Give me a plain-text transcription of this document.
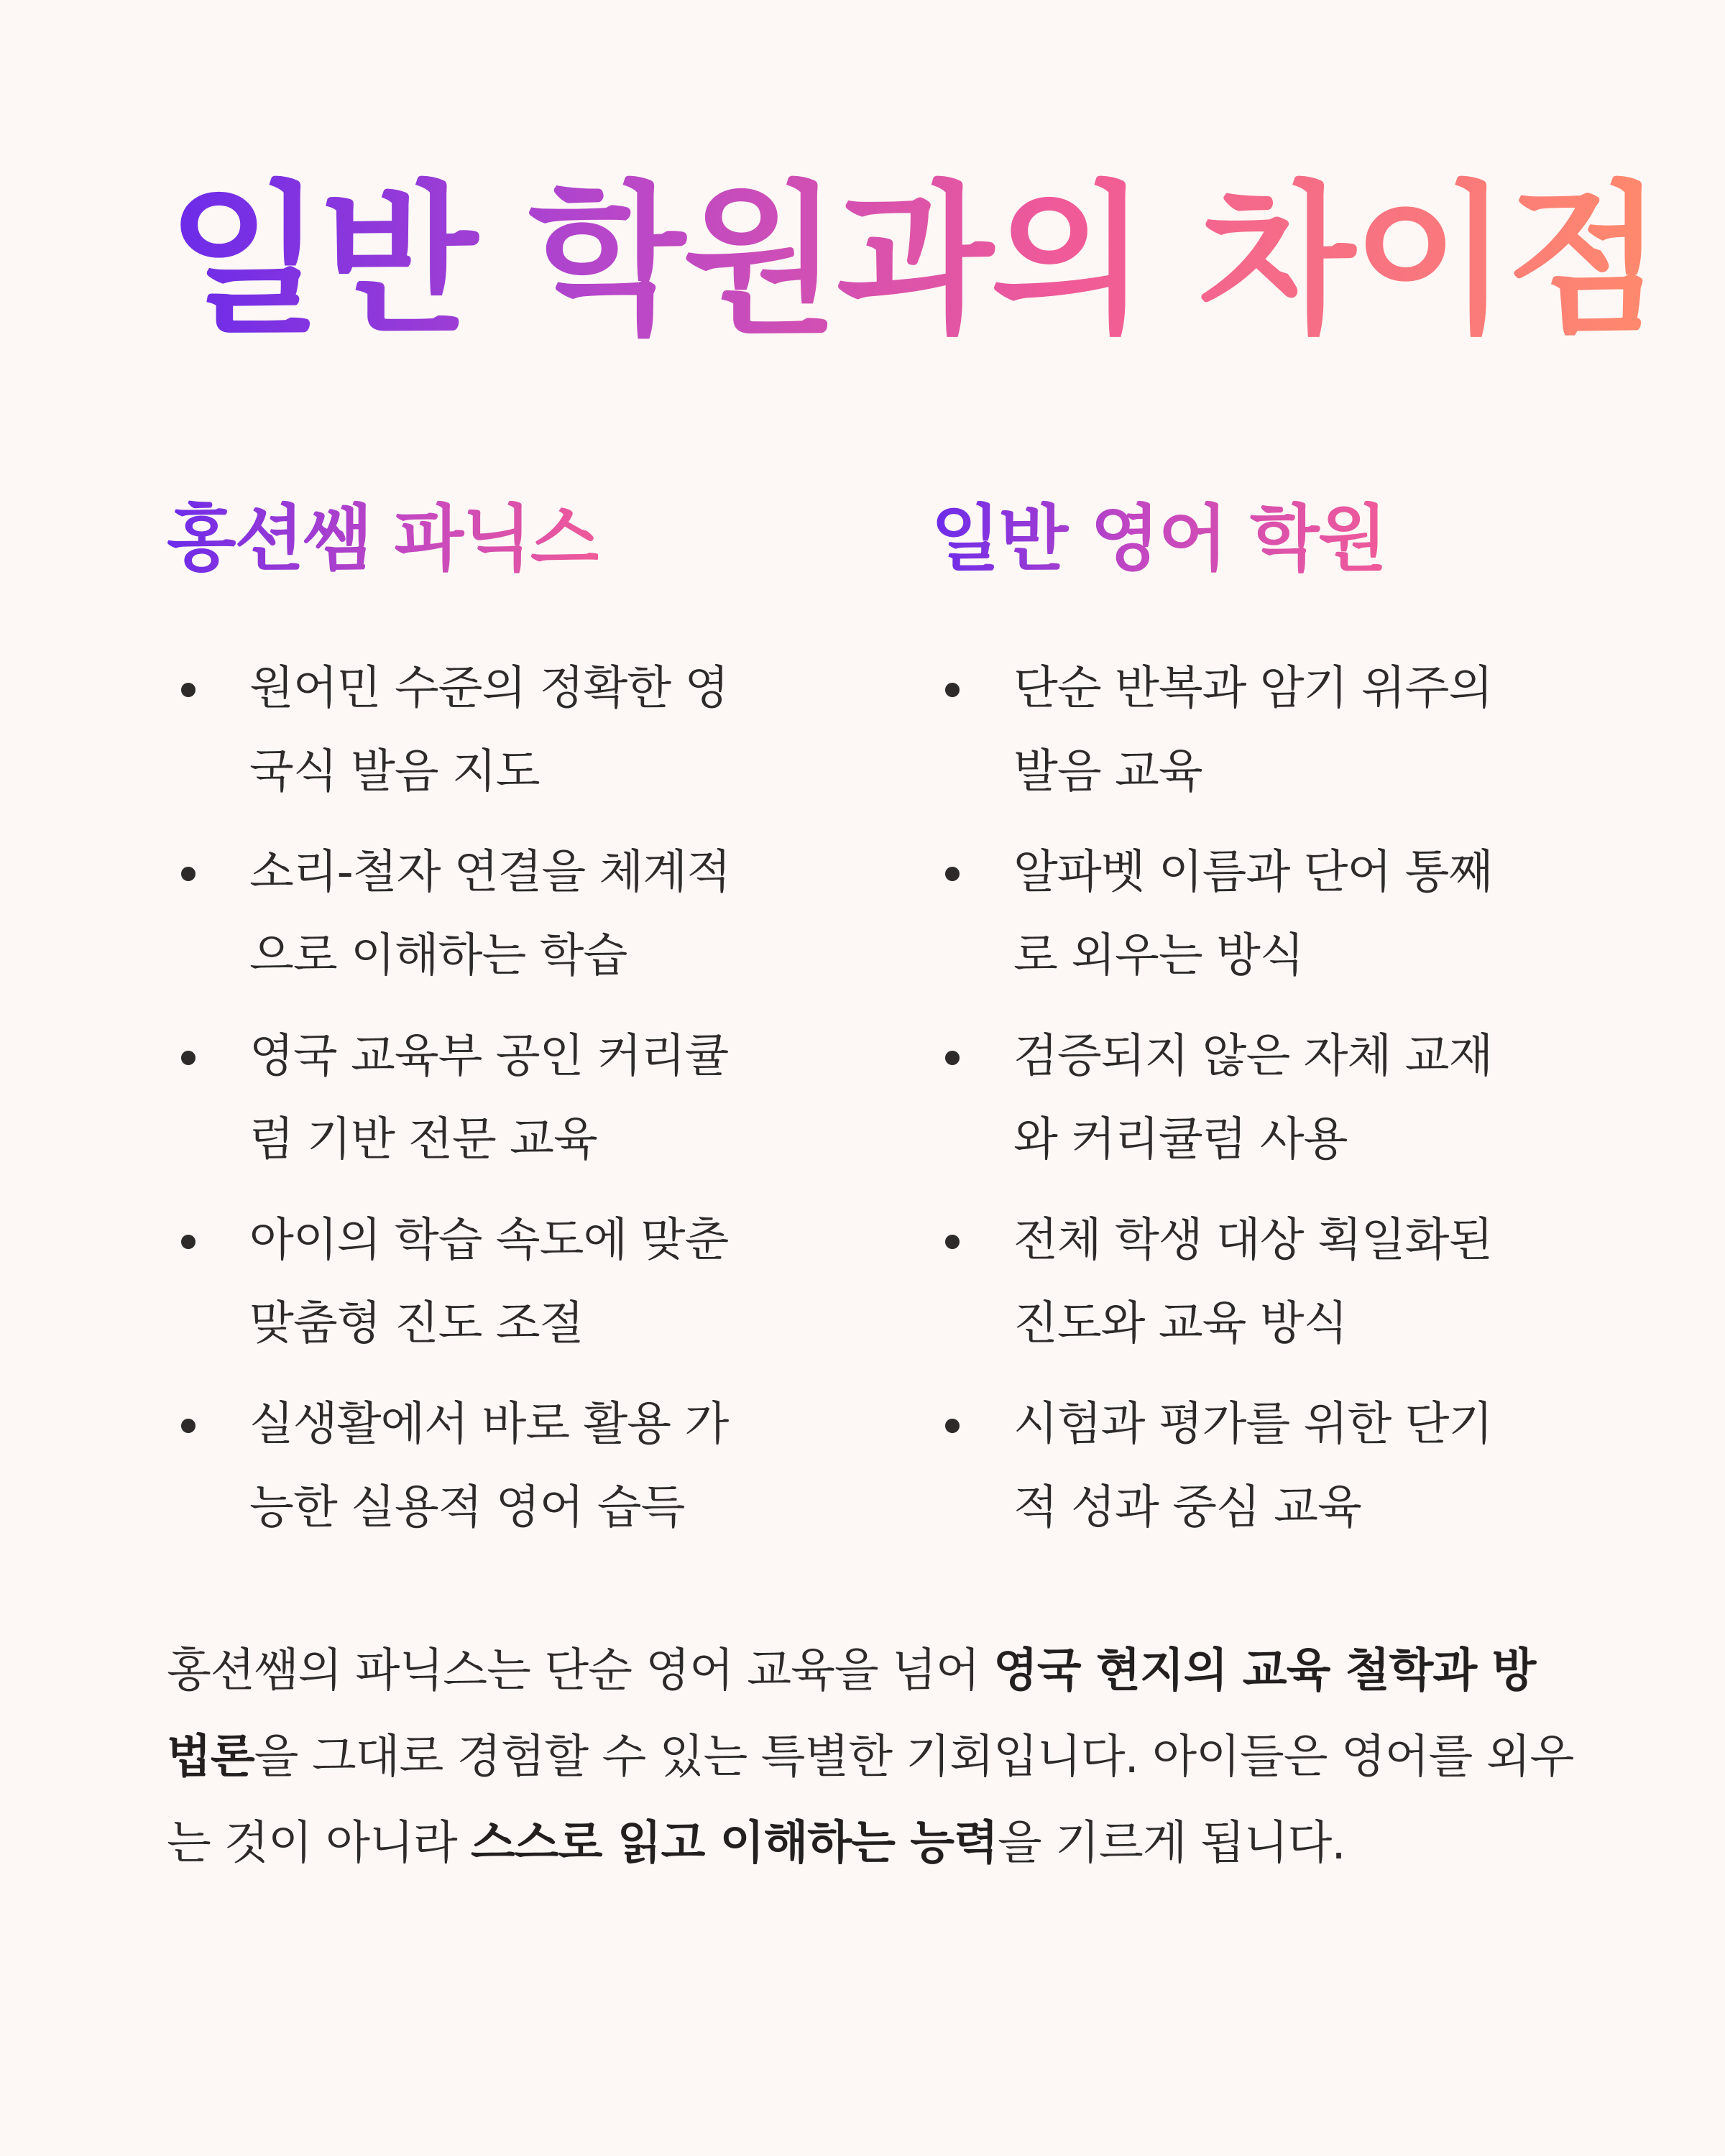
일반 학원과의 차이점
홍션쌤 파닉스
원어민 수준의 정확한 영국식 발음 지도
소리-철자 연결을 체계적으로 이해하는 학습
영국 교육부 공인 커리큘럼 기반 전문 교육
아이의 학습 속도에 맞춘 맞춤형 진도 조절
실생활에서 바로 활용 가능한 실용적 영어 습득
일반 영어 학원
단순 반복과 암기 위주의 발음 교육
알파벳 이름과 단어 통째로 외우는 방식
검증되지 않은 자체 교재와 커리큘럼 사용
전체 학생 대상 획일화된 진도와 교육 방식
시험과 평가를 위한 단기적 성과 중심 교육

홍션쌤의 파닉스는 단순 영어 교육을 넘어 영국 현지의 교육 철학과 방법론을 그대로 경험할 수 있는 특별한 기회입니다. 아이들은 영어를 외우는 것이 아니라 스스로 읽고 이해하는 능력을 기르게 됩니다.
